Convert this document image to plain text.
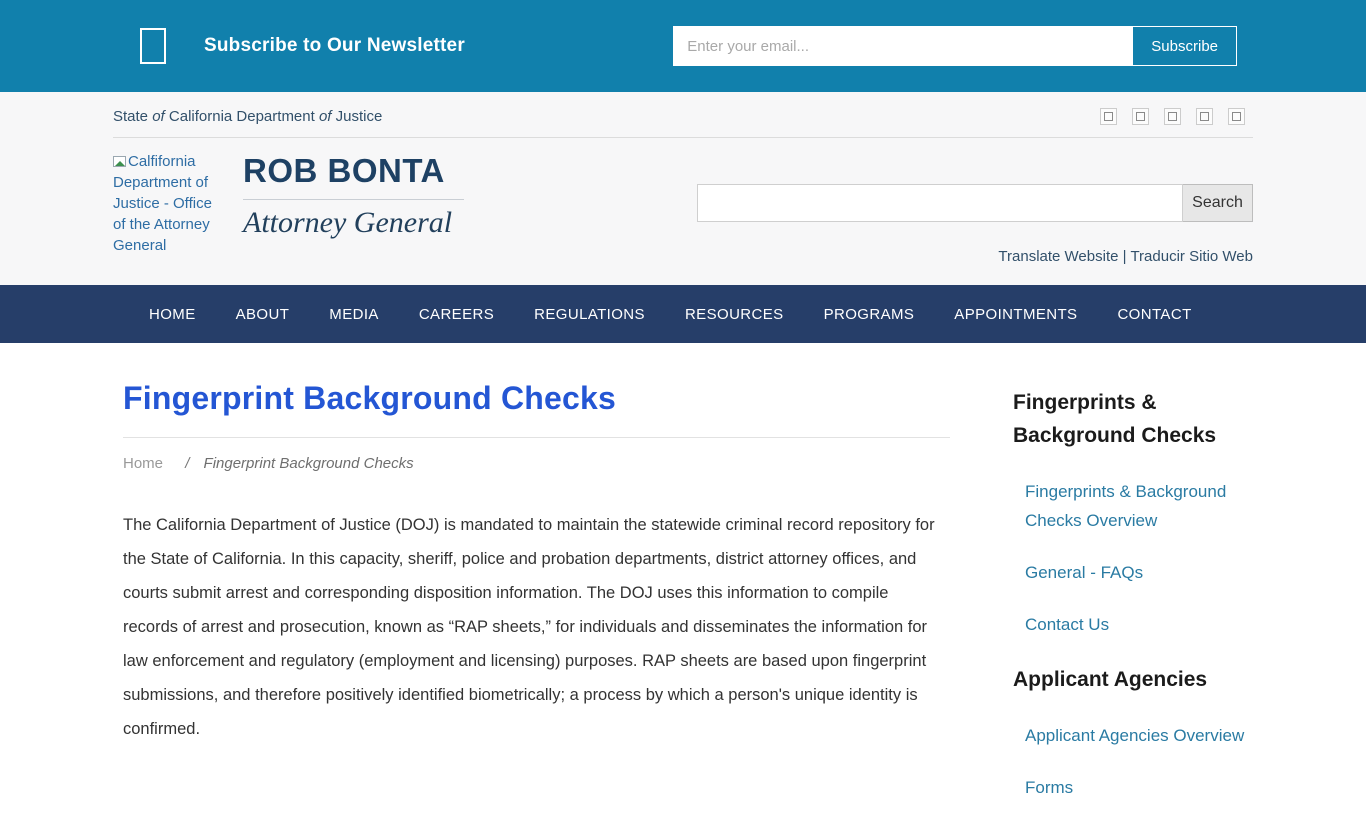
Subscribe to Our Newsletter
Enter your email...	Subscribe
State of California Department of Justice
Calfifornia Department of Justice - Office of the Attorney General
ROB BONTA
Attorney General
Search
Translate Website | Traducir Sitio Web
HOME	ABOUT	MEDIA	CAREERS	REGULATIONS	RESOURCES	PROGRAMS	APPOINTMENTS	CONTACT
Fingerprint Background Checks
Home / Fingerprint Background Checks

The California Department of Justice (DOJ) is mandated to maintain the statewide criminal record repository for the State of California. In this capacity, sheriff, police and probation departments, district attorney offices, and courts submit arrest and corresponding disposition information. The DOJ uses this information to compile records of arrest and prosecution, known as “RAP sheets,” for individuals and disseminates the information for law enforcement and regulatory (employment and licensing) purposes. RAP sheets are based upon fingerprint submissions, and therefore positively identified biometrically; a process by which a person's unique identity is confirmed.

Fingerprints & Background Checks
Fingerprints & Background Checks Overview
General - FAQs
Contact Us
Applicant Agencies
Applicant Agencies Overview
Forms
